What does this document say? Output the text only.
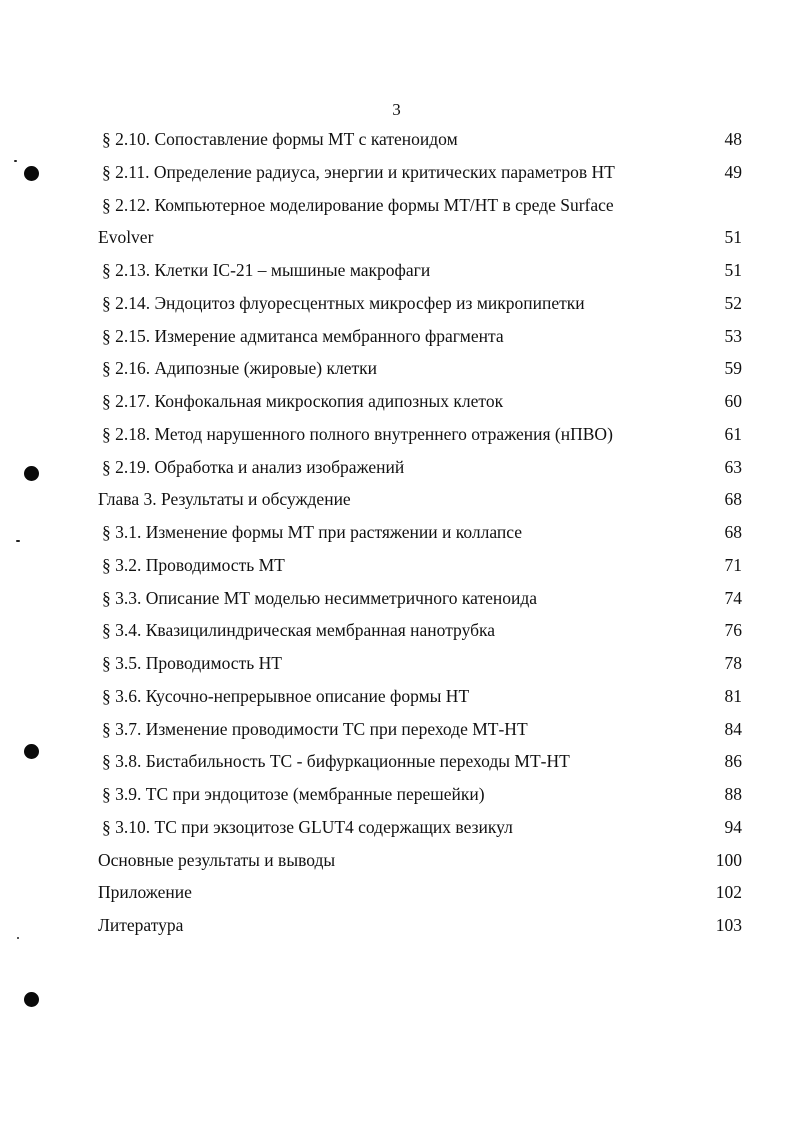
3
§ 2.10. Сопоставление формы МТ с катеноидом	48
§ 2.11. Определение радиуса, энергии и критических параметров НТ	49
§ 2.12. Компьютерное моделирование формы МТ/НТ в среде Surface
Evolver	51
§ 2.13. Клетки IC-21 – мышиные макрофаги	51
§ 2.14. Эндоцитоз флуоресцентных микросфер из микропипетки	52
§ 2.15. Измерение адмитанса мембранного фрагмента	53
§ 2.16. Адипозные (жировые) клетки	59
§ 2.17. Конфокальная микроскопия адипозных клеток	60
§ 2.18. Метод нарушенного полного внутреннего отражения (нПВО)	61
§ 2.19. Обработка и анализ изображений	63
Глава 3. Результаты и обсуждение	68
§ 3.1. Изменение формы МТ при растяжении и коллапсе	68
§ 3.2. Проводимость МТ	71
§ 3.3. Описание МТ моделью несимметричного катеноида	74
§ 3.4. Квазицилиндрическая мембранная нанотрубка	76
§ 3.5. Проводимость НТ	78
§ 3.6. Кусочно-непрерывное описание формы НТ	81
§ 3.7. Изменение проводимости ТС при переходе МТ-НТ	84
§ 3.8. Бистабильность ТС - бифуркационные переходы МТ-НТ	86
§ 3.9. ТС при эндоцитозе (мембранные перешейки)	88
§ 3.10. ТС при экзоцитозе GLUT4 содержащих везикул	94
Основные результаты и выводы	100
Приложение	102
Литература	103
